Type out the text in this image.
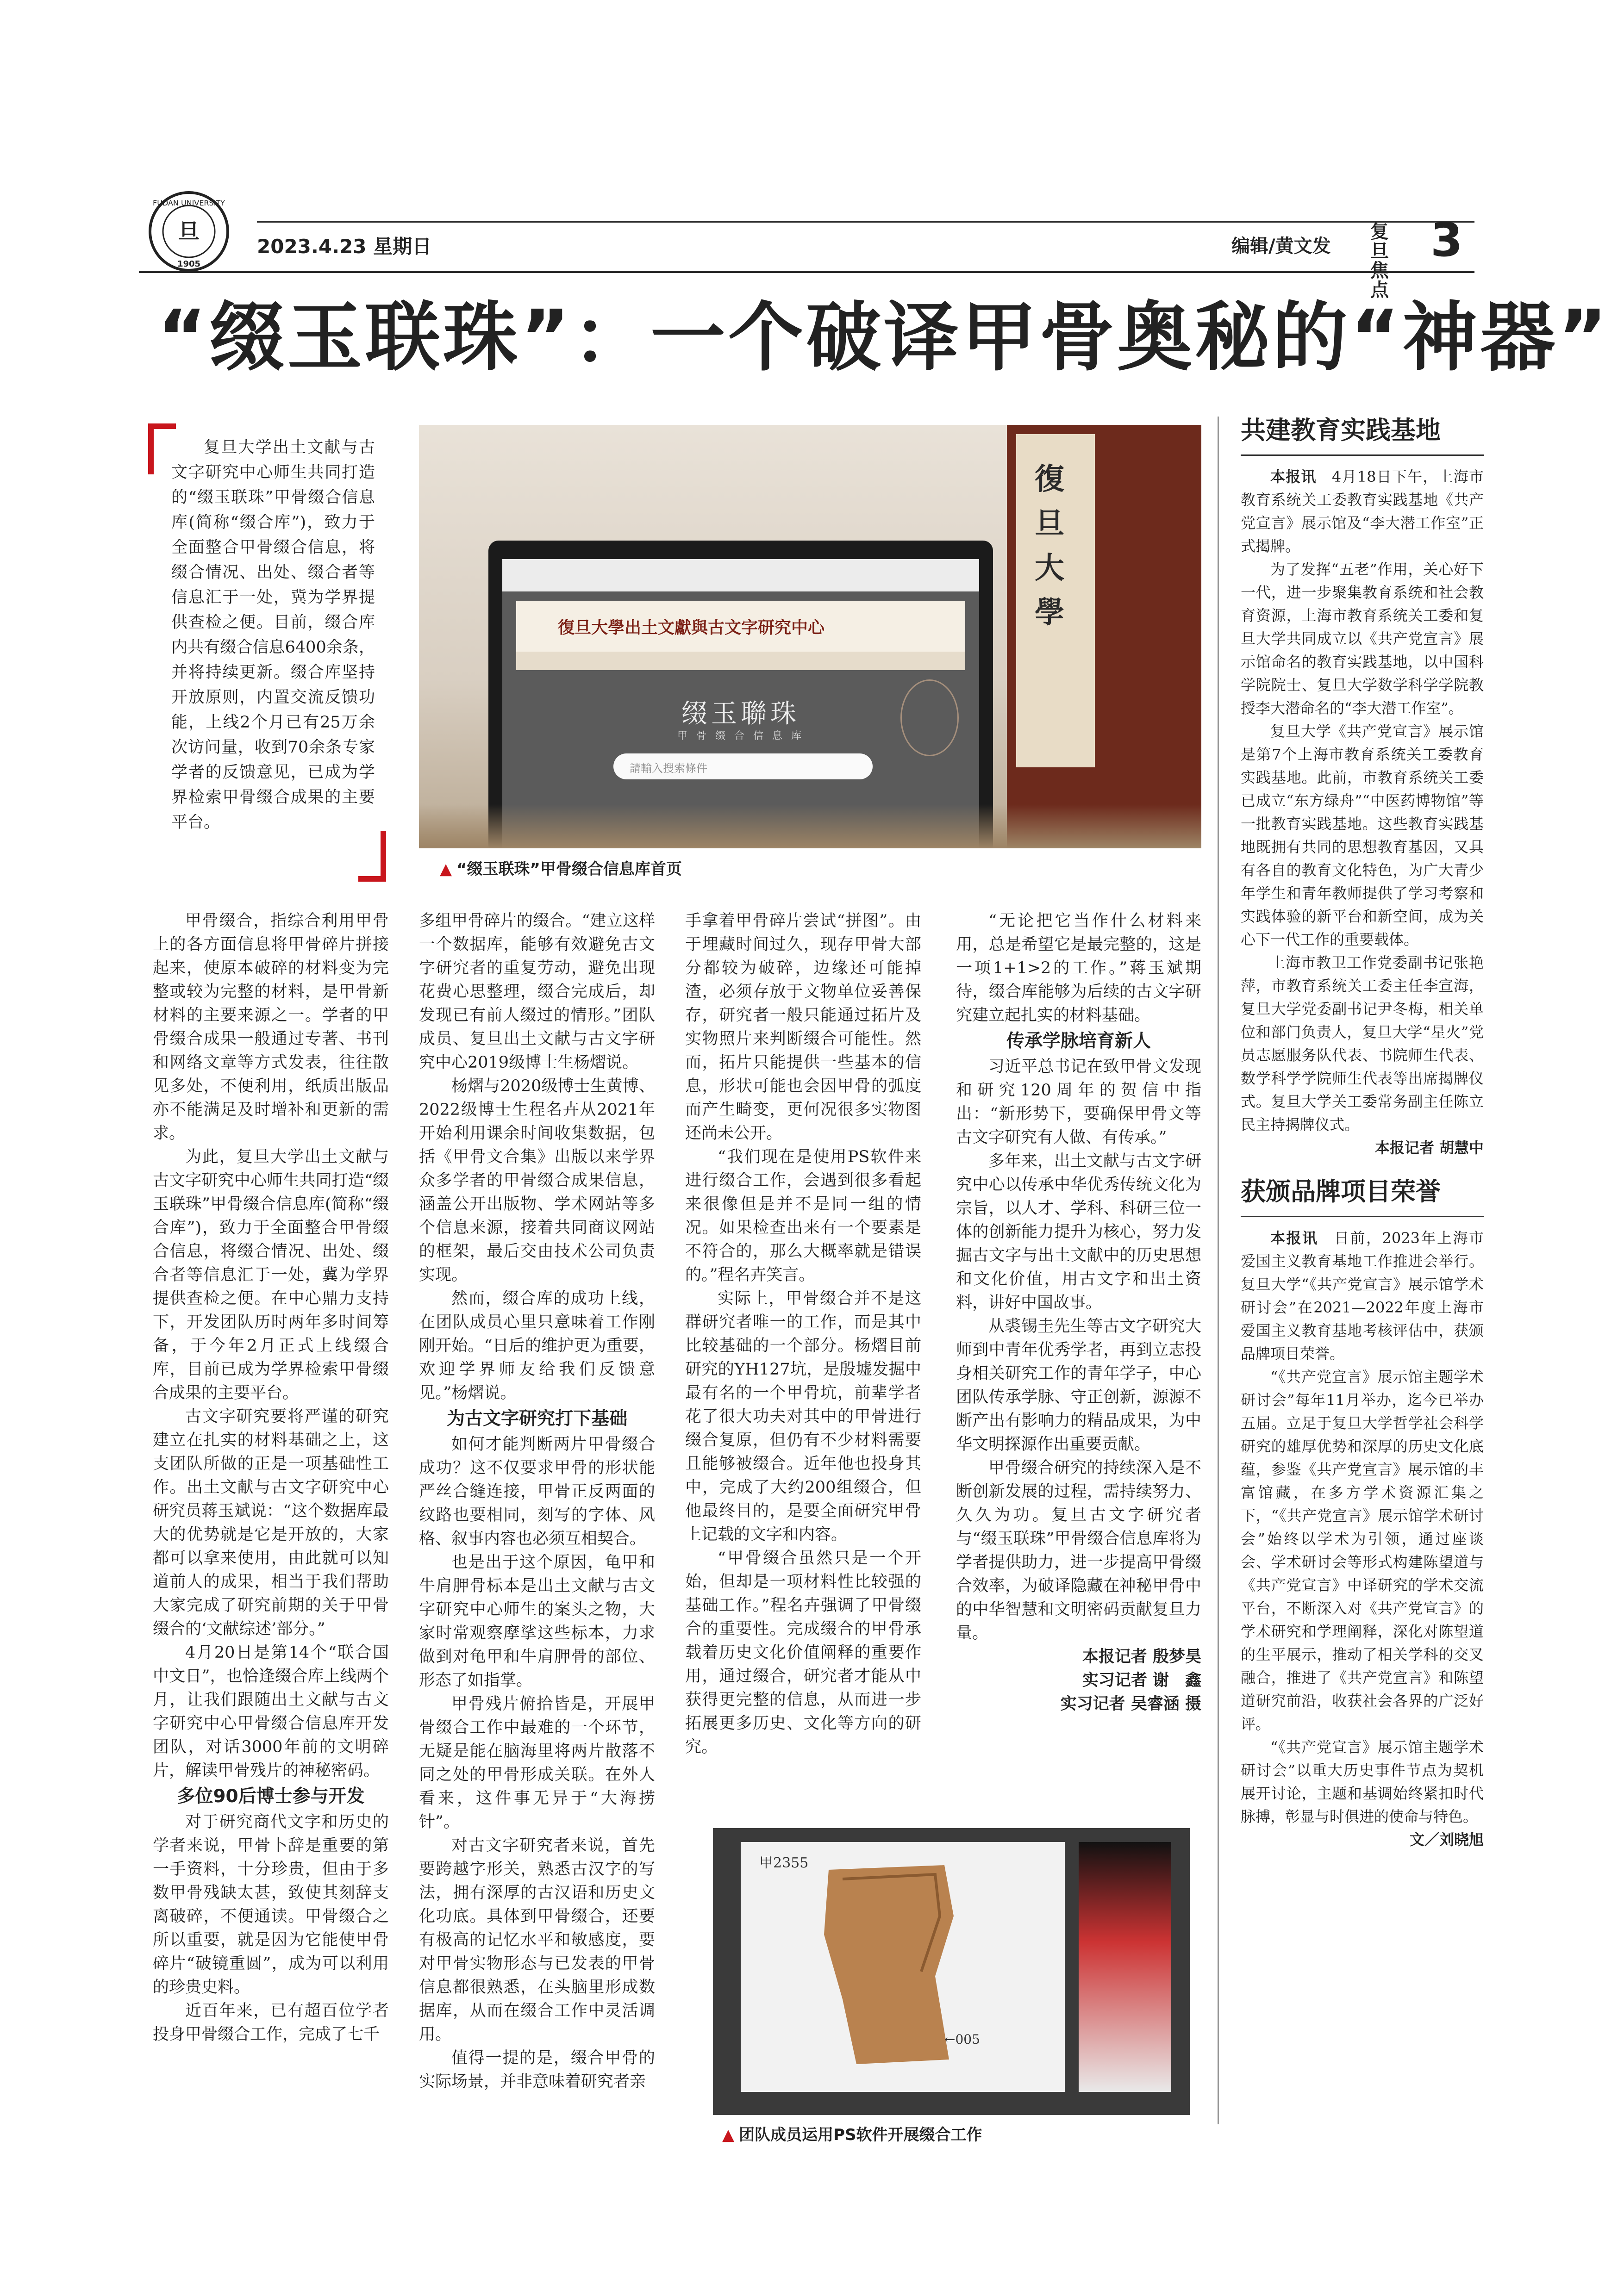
旦
FUDAN UNIVERSITY
1905
2023.4.23 星期日	编辑/黄文发
复旦焦点
3
“缀玉联珠”：一个破译甲骨奥秘的“神器”

复旦大学出土文献与古文字研究中心师生共同打造的“缀玉联珠”甲骨缀合信息库(简称“缀合库”)，致力于全面整合甲骨缀合信息，将缀合情况、出处、缀合者等信息汇于一处，冀为学界提供查检之便。目前，缀合库内共有缀合信息6400余条，并将持续更新。缀合库坚持开放原则，内置交流反馈功能，上线2个月已有25万余次访问量，收到70余条专家学者的反馈意见，已成为学界检索甲骨缀合成果的主要平台。

復旦大學
復旦大學出土文獻與古文字研究中心
缀玉聯珠
甲 骨 缀 合 信 息 库
請輸入搜索條件
▲ “缀玉联珠”甲骨缀合信息库首页

甲骨缀合，指综合利用甲骨上的各方面信息将甲骨碎片拼接起来，使原本破碎的材料变为完整或较为完整的材料，是甲骨新材料的主要来源之一。学者的甲骨缀合成果一般通过专著、书刊和网络文章等方式发表，往往散见多处，不便利用，纸质出版品亦不能满足及时增补和更新的需求。

为此，复旦大学出土文献与古文字研究中心师生共同打造“缀玉联珠”甲骨缀合信息库(简称“缀合库”)，致力于全面整合甲骨缀合信息，将缀合情况、出处、缀合者等信息汇于一处，冀为学界提供查检之便。在中心鼎力支持下，开发团队历时两年多时间筹备，于今年2月正式上线缀合库，目前已成为学界检索甲骨缀合成果的主要平台。

古文字研究要将严谨的研究建立在扎实的材料基础之上，这支团队所做的正是一项基础性工作。出土文献与古文字研究中心研究员蒋玉斌说：“这个数据库最大的优势就是它是开放的，大家都可以拿来使用，由此就可以知道前人的成果，相当于我们帮助大家完成了研究前期的关于甲骨缀合的‘文献综述’部分。”

4月20日是第14个“联合国中文日”，也恰逢缀合库上线两个月，让我们跟随出土文献与古文字研究中心甲骨缀合信息库开发团队，对话3000年前的文明碎片，解读甲骨残片的神秘密码。

多位90后博士参与开发

对于研究商代文字和历史的学者来说，甲骨卜辞是重要的第一手资料，十分珍贵，但由于多数甲骨残缺太甚，致使其刻辞支离破碎，不便通读。甲骨缀合之所以重要，就是因为它能使甲骨碎片“破镜重圆”，成为可以利用的珍贵史料。

近百年来，已有超百位学者投身甲骨缀合工作，完成了七千

多组甲骨碎片的缀合。“建立这样一个数据库，能够有效避免古文字研究者的重复劳动，避免出现花费心思整理，缀合完成后，却发现已有前人缀过的情形。”团队成员、复旦出土文献与古文字研究中心2019级博士生杨熠说。

杨熠与2020级博士生黄博、2022级博士生程名卉从2021年开始利用课余时间收集数据，包括《甲骨文合集》出版以来学界众多学者的甲骨缀合成果信息，涵盖公开出版物、学术网站等多个信息来源，接着共同商议网站的框架，最后交由技术公司负责实现。

然而，缀合库的成功上线，在团队成员心里只意味着工作刚刚开始。“日后的维护更为重要，欢迎学界师友给我们反馈意见。”杨熠说。

为古文字研究打下基础

如何才能判断两片甲骨缀合成功？这不仅要求甲骨的形状能严丝合缝连接，甲骨正反两面的纹路也要相同，刻写的字体、风格、叙事内容也必须互相契合。

也是出于这个原因，龟甲和牛肩胛骨标本是出土文献与古文字研究中心师生的案头之物，大家时常观察摩挲这些标本，力求做到对龟甲和牛肩胛骨的部位、形态了如指掌。

甲骨残片俯拾皆是，开展甲骨缀合工作中最难的一个环节，无疑是能在脑海里将两片散落不同之处的甲骨形成关联。在外人看来，这件事无异于“大海捞针”。

对古文字研究者来说，首先要跨越字形关，熟悉古汉字的写法，拥有深厚的古汉语和历史文化功底。具体到甲骨缀合，还要有极高的记忆水平和敏感度，要对甲骨实物形态与已发表的甲骨信息都很熟悉，在头脑里形成数据库，从而在缀合工作中灵活调用。

值得一提的是，缀合甲骨的实际场景，并非意味着研究者亲

手拿着甲骨碎片尝试“拼图”。由于埋藏时间过久，现存甲骨大部分都较为破碎，边缘还可能掉渣，必须存放于文物单位妥善保存，研究者一般只能通过拓片及实物照片来判断缀合可能性。然而，拓片只能提供一些基本的信息，形状可能也会因甲骨的弧度而产生畸变，更何况很多实物图还尚未公开。

“我们现在是使用PS软件来进行缀合工作，会遇到很多看起来很像但是并不是同一组的情况。如果检查出来有一个要素是不符合的，那么大概率就是错误的。”程名卉笑言。

实际上，甲骨缀合并不是这群研究者唯一的工作，而是其中比较基础的一个部分。杨熠目前研究的YH127坑，是殷墟发掘中最有名的一个甲骨坑，前辈学者花了很大功夫对其中的甲骨进行缀合复原，但仍有不少材料需要且能够被缀合。近年他也投身其中，完成了大约200组缀合，但他最终目的，是要全面研究甲骨上记载的文字和内容。

“甲骨缀合虽然只是一个开始，但却是一项材料性比较强的基础工作。”程名卉强调了甲骨缀合的重要性。完成缀合的甲骨承载着历史文化价值阐释的重要作用，通过缀合，研究者才能从中获得更完整的信息，从而进一步拓展更多历史、文化等方向的研究。

“无论把它当作什么材料来用，总是希望它是最完整的，这是一项1+1>2的工作。”蒋玉斌期待，缀合库能够为后续的古文字研究建立起扎实的材料基础。

传承学脉培育新人

习近平总书记在致甲骨文发现和研究120周年的贺信中指出：“新形势下，要确保甲骨文等古文字研究有人做、有传承。”

多年来，出土文献与古文字研究中心以传承中华优秀传统文化为宗旨，以人才、学科、科研三位一体的创新能力提升为核心，努力发掘古文字与出土文献中的历史思想和文化价值，用古文字和出土资料，讲好中国故事。

从裘锡圭先生等古文字研究大师到中青年优秀学者，再到立志投身相关研究工作的青年学子，中心团队传承学脉、守正创新，源源不断产出有影响力的精品成果，为中华文明探源作出重要贡献。

甲骨缀合研究的持续深入是不断创新发展的过程，需持续努力、久久为功。复旦古文字研究者与“缀玉联珠”甲骨缀合信息库将为学者提供助力，进一步提高甲骨缀合效率，为破译隐藏在神秘甲骨中的中华智慧和文明密码贡献复旦力量。

本报记者 殷梦昊

实习记者 谢　鑫

实习记者 吴睿涵 摄

甲2355
←005
▲ 团队成员运用PS软件开展缀合工作
共建教育实践基地

本报讯　 4月18日下午，上海市教育系统关工委教育实践基地《共产党宣言》展示馆及“李大潜工作室”正式揭牌。

为了发挥“五老”作用，关心好下一代，进一步聚集教育系统和社会教育资源，上海市教育系统关工委和复旦大学共同成立以《共产党宣言》展示馆命名的教育实践基地，以中国科学院院士、复旦大学数学科学学院教授李大潜命名的“李大潜工作室”。

复旦大学《共产党宣言》展示馆是第7个上海市教育系统关工委教育实践基地。此前，市教育系统关工委已成立“东方绿舟”“中医药博物馆”等一批教育实践基地。这些教育实践基地既拥有共同的思想教育基因，又具有各自的教育文化特色，为广大青少年学生和青年教师提供了学习考察和实践体验的新平台和新空间，成为关心下一代工作的重要载体。

上海市教卫工作党委副书记张艳萍，市教育系统关工委主任李宣海，复旦大学党委副书记尹冬梅，相关单位和部门负责人，复旦大学“星火”党员志愿服务队代表、书院师生代表、数学科学学院师生代表等出席揭牌仪式。复旦大学关工委常务副主任陈立民主持揭牌仪式。

本报记者 胡慧中

获颁品牌项目荣誉

本报讯　 日前，2023年上海市爱国主义教育基地工作推进会举行。复旦大学“《共产党宣言》展示馆学术研讨会”在2021—2022年度上海市爱国主义教育基地考核评估中，获颁品牌项目荣誉。

“《共产党宣言》展示馆主题学术研讨会”每年11月举办，迄今已举办五届。立足于复旦大学哲学社会科学研究的雄厚优势和深厚的历史文化底蕴，参鉴《共产党宣言》展示馆的丰富馆藏，在多方学术资源汇集之下，“《共产党宣言》展示馆学术研讨会”始终以学术为引领，通过座谈会、学术研讨会等形式构建陈望道与《共产党宣言》中译研究的学术交流平台，不断深入对《共产党宣言》的学术研究和学理阐释，深化对陈望道的生平展示，推动了相关学科的交叉融合，推进了《共产党宣言》和陈望道研究前沿，收获社会各界的广泛好评。

“《共产党宣言》展示馆主题学术研讨会”以重大历史事件节点为契机展开讨论，主题和基调始终紧扣时代脉搏，彰显与时俱进的使命与特色。

文／刘晓旭
